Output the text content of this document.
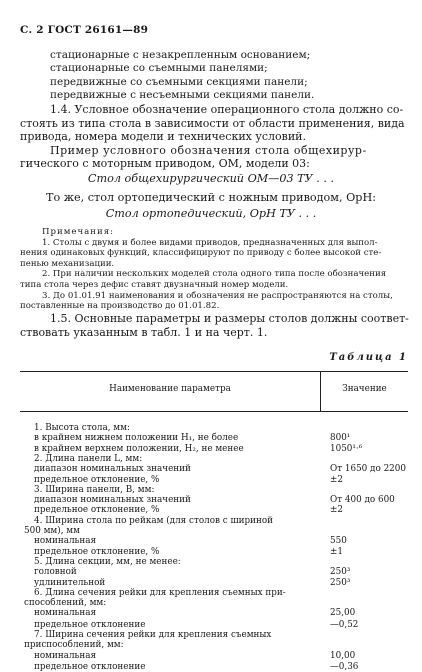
С. 2 ГОСТ 26161—89
стационарные с незакрепленным основанием;
стационарные со съемными панелями;
передвижные со съемными секциями панели;
передвижные с несъемными секциями панели.
1.4. Условное обозначение операционного стола должно со-
стоять из типа стола в зависимости от области применения, вида
привода, номера модели и технических условий.
Пример условного обозначения стола общехирур-
гического с моторным приводом, ОМ, модели 03:
Стол общехирургический ОМ—03 ТУ . . .
То же, стол ортопедический с ножным приводом, ОрН:
Стол ортопедический, ОрН ТУ . . .
Примечания:
1. Столы с двумя и более видами приводов, предназначенных для выпол-
нения одинаковых функций, классифицируют по приводу с более высокой сте-
пенью механизации.
2. При наличии нескольких моделей стола одного типа после обозначения
типа стола через дефис ставят двузначный номер модели.
3. До 01.01.91 наименования и обозначения не распространяются на столы,
поставленные на производство до 01.01.82.
1.5. Основные параметры и размеры столов должны соответ-
ствовать указанным в табл. 1 и на черт. 1.
Таблица 1
Наименование параметра	Значение
1. Высота стола, мм:
в крайнем нижнем положении H₁, не более	800¹
в крайнем верхнем положении, H₂, не менее	1050¹·⁶
2. Длина панели L, мм:
диапазон номинальных значений	От 1650 до 2200
предельное отклонение, %	±2
3. Ширина панели, B, мм:
диапазон номинальных значений	От 400 до 600
предельное отклонение, %	±2
4. Ширина стола по рейкам (для столов с шириной
500 мм), мм
номинальная	550
предельное отклонение, %	±1
5. Длина секции, мм, не менее:
головной	250³
удлинительной	250³
6. Длина сечения рейки для крепления съемных при-
способлений, мм:
номинальная	25,00
предельное отклонение	—0,52
7. Ширина сечения рейки для крепления съемных
приспособлений, мм:
номинальная	10,00
предельное отклонение	—0,36
